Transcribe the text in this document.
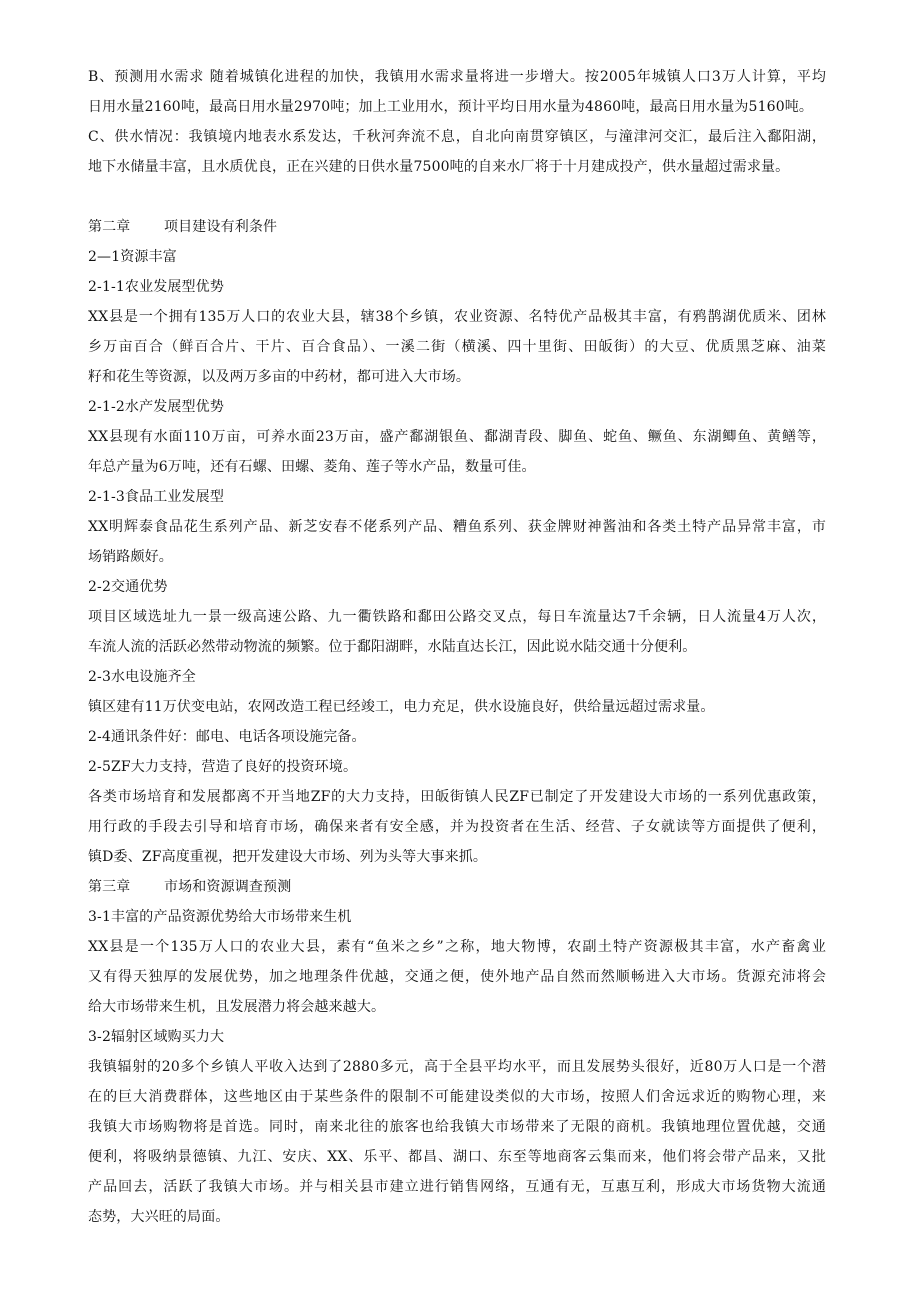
B、预测用水需求 随着城镇化进程的加快，我镇用水需求量将进一步增大。按2005年城镇人口3万人计算，平均

日用水量2160吨，最高日用水量2970吨；加上工业用水，预计平均日用水量为4860吨，最高日用水量为5160吨。

C、供水情况：我镇境内地表水系发达，千秋河奔流不息，自北向南贯穿镇区，与潼津河交汇，最后注入鄱阳湖，

地下水储量丰富，且水质优良，正在兴建的日供水量7500吨的自来水厂将于十月建成投产，供水量超过需求量。

第二章 项目建设有利条件

2—1资源丰富

2-1-1农业发展型优势

XX县是一个拥有135万人口的农业大县，辖38个乡镇，农业资源、名特优产品极其丰富，有鸦鹊湖优质米、团林

乡万亩百合（鲜百合片、干片、百合食品）、一溪二街（横溪、四十里街、田皈街）的大豆、优质黑芝麻、油菜

籽和花生等资源，以及两万多亩的中药材，都可进入大市场。

2-1-2水产发展型优势

XX县现有水面110万亩，可养水面23万亩，盛产鄱湖银鱼、鄱湖青段、脚鱼、蛇鱼、鳜鱼、东湖鲫鱼、黄鳝等，

年总产量为6万吨，还有石螺、田螺、菱角、莲子等水产品，数量可佳。

2-1-3食品工业发展型

XX明辉泰食品花生系列产品、新芝安春不佬系列产品、糟鱼系列、获金牌财神酱油和各类土特产品异常丰富，市

场销路颇好。

2-2交通优势

项目区域选址九一景一级高速公路、九一衢铁路和鄱田公路交叉点，每日车流量达7千余辆，日人流量4万人次，

车流人流的活跃必然带动物流的频繁。位于鄱阳湖畔，水陆直达长江，因此说水陆交通十分便利。

2-3水电设施齐全

镇区建有11万伏变电站，农网改造工程已经竣工，电力充足，供水设施良好，供给量远超过需求量。

2-4通讯条件好：邮电、电话各项设施完备。

2-5ZF大力支持，营造了良好的投资环境。

各类市场培育和发展都离不开当地ZF的大力支持，田皈街镇人民ZF已制定了开发建设大市场的一系列优惠政策，

用行政的手段去引导和培育市场，确保来者有安全感，并为投资者在生活、经营、子女就读等方面提供了便利，

镇D委、ZF高度重视，把开发建设大市场、列为头等大事来抓。

第三章 市场和资源调查预测

3-1丰富的产品资源优势给大市场带来生机

XX县是一个135万人口的农业大县，素有“鱼米之乡”之称，地大物博，农副土特产资源极其丰富，水产畜禽业

又有得天独厚的发展优势，加之地理条件优越，交通之便，使外地产品自然而然顺畅进入大市场。货源充沛将会

给大市场带来生机，且发展潜力将会越来越大。

3-2辐射区域购买力大

我镇辐射的20多个乡镇人平收入达到了2880多元，高于全县平均水平，而且发展势头很好，近80万人口是一个潜

在的巨大消费群体，这些地区由于某些条件的限制不可能建设类似的大市场，按照人们舍远求近的购物心理，来

我镇大市场购物将是首选。同时，南来北往的旅客也给我镇大市场带来了无限的商机。我镇地理位置优越，交通

便利，将吸纳景德镇、九江、安庆、XX、乐平、都昌、湖口、东至等地商客云集而来，他们将会带产品来，又批

产品回去，活跃了我镇大市场。并与相关县市建立进行销售网络，互通有无，互惠互利，形成大市场货物大流通

态势，大兴旺的局面。
